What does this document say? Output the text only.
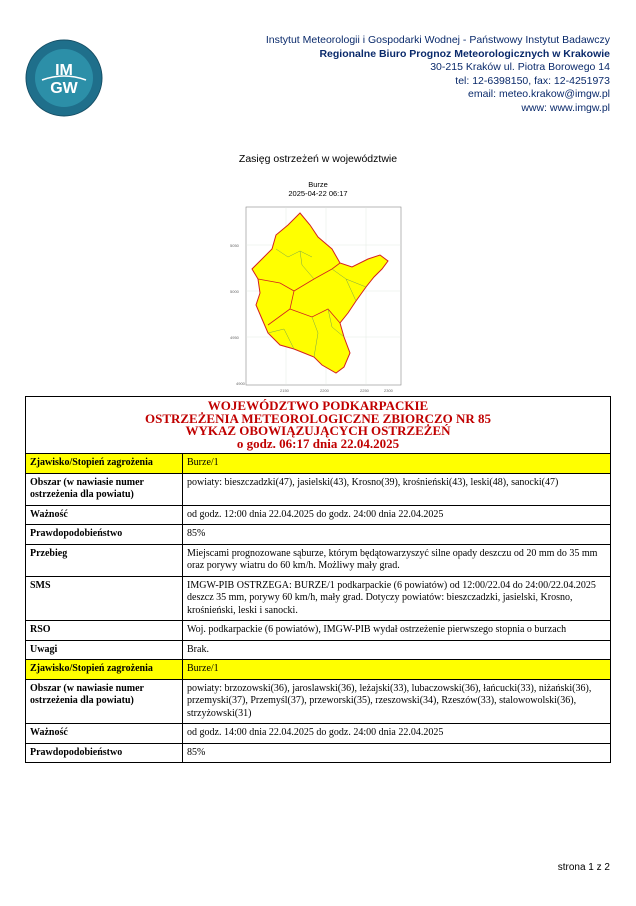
IM
GW
Instytut Meteorologii i Gospodarki Wodnej - Państwowy Instytut Badawczy
Regionalne Biuro Prognoz Meteorologicznych w Krakowie
30-215 Kraków ul. Piotra Borowego 14
tel: 12-6398150, fax: 12-4251973
email: meteo.krakow@imgw.pl
www: www.imgw.pl
Zasięg ostrzeżeń w województwie
Burze
2025-04-22 06:17
5050
5000
4950
4900
2150	2200	2250	2300
WOJEWÓDZTWO PODKARPACKIE
OSTRZEŻENIA METEOROLOGICZNE ZBIORCZO NR 85
WYKAZ OBOWIĄZUJĄCYCH OSTRZEŻEŃ
o godz. 06:17 dnia 22.04.2025	

Zjawisko/Stopień zagrożenia	Burze/1
Obszar (w nawiasie numer ostrzeżenia dla powiatu)	powiaty: bieszczadzki(47), jasielski(43), Krosno(39), krośnieński(43), leski(48), sanocki(47)
Ważność	od godz. 12:00 dnia 22.04.2025 do godz. 24:00 dnia 22.04.2025
Prawdopodobieństwo	85%
Przebieg	Miejscami prognozowane sąburze, którym będątowarzyszyć silne opady deszczu od 20 mm do 35 mm oraz porywy wiatru do 60 km/h. Możliwy mały grad.
SMS	IMGW-PIB OSTRZEGA: BURZE/1 podkarpackie (6 powiatów) od 12:00/22.04 do 24:00/22.04.2025 deszcz 35 mm, porywy 60 km/h, mały grad. Dotyczy powiatów: bieszczadzki, jasielski, Krosno, krośnieński, leski i sanocki.
RSO	Woj. podkarpackie (6 powiatów), IMGW-PIB wydał ostrzeżenie pierwszego stopnia o burzach
Uwagi	Brak.
Zjawisko/Stopień zagrożenia	Burze/1
Obszar (w nawiasie numer ostrzeżenia dla powiatu)	powiaty: brzozowski(36), jaroslawski(36), leżajski(33), lubaczowski(36), łańcucki(33), niżański(36), przemyski(37), Przemyśl(37), przeworski(35), rzeszowski(34), Rzeszów(33), stalowowolski(36), strzyżowski(31)
Ważność	od godz. 14:00 dnia 22.04.2025 do godz. 24:00 dnia 22.04.2025
Prawdopodobieństwo	85%
strona 1 z 2
